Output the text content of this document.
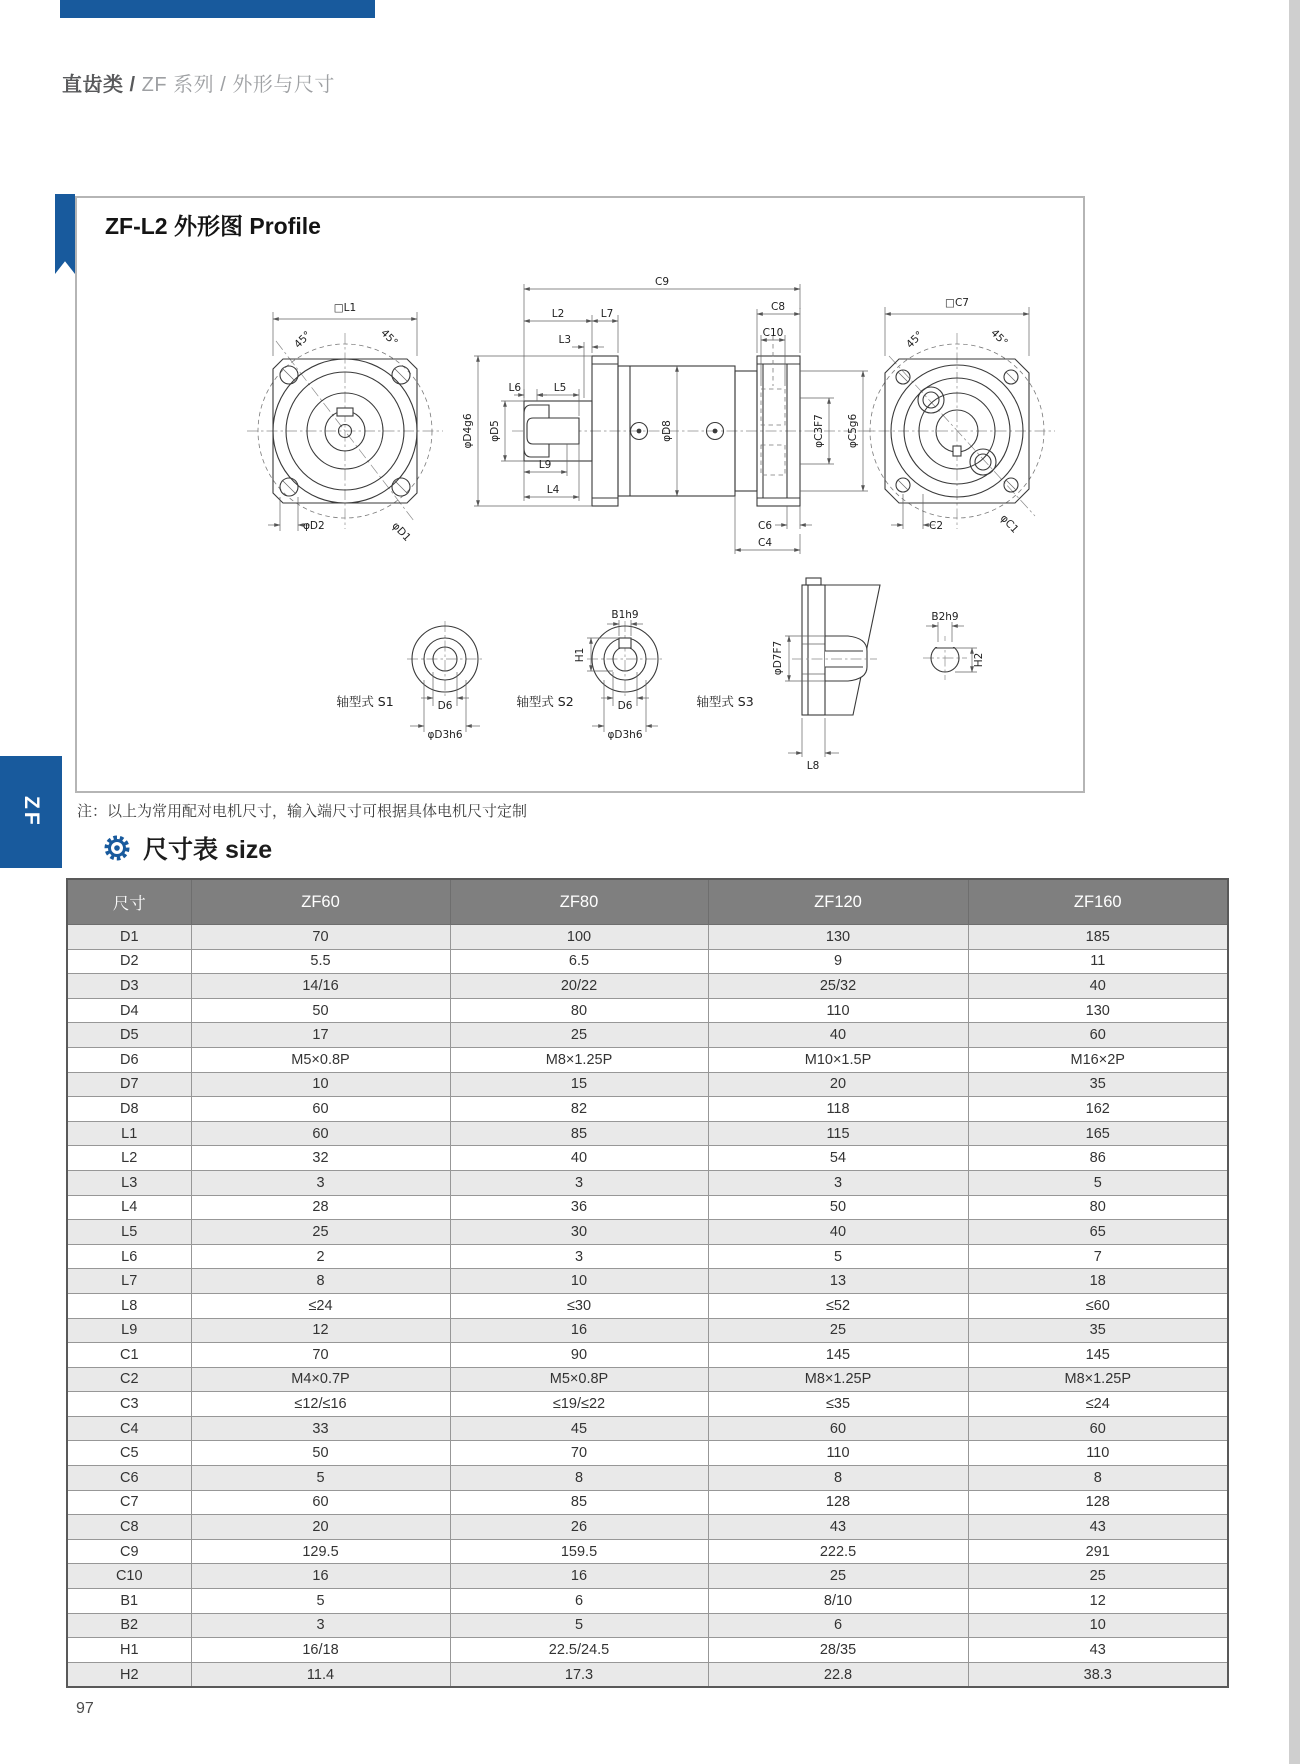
直齿类 / ZF 系列 / 外形与尺寸
ZF-L2 外形图 Profile
□L1
45°	45°
φD2	φD1
C9
L2	L7
L3
L6	L5
L9
L4
φD4g6 φD5	φD8
C8
C10
φC3F7 φC5g6
C6
C4
□C7
45°	45°
C2	φC1
D6
φD3h6
轴型式 S1
B1h9
H1
D6
φD3h6
轴型式 S2
φD7F7
L8
轴型式 S3
B2h9
H2
注：以上为常用配对电机尺寸，输入端尺寸可根据具体电机尺寸定制
ZF
尺寸表 size
尺寸	ZF60	ZF80	ZF120	ZF160
D1	70	100	130	185
D2	5.5	6.5	9	11
D3	14/16	20/22	25/32	40
D4	50	80	110	130
D5	17	25	40	60
D6	M5×0.8P	M8×1.25P	M10×1.5P	M16×2P
D7	10	15	20	35
D8	60	82	118	162
L1	60	85	115	165
L2	32	40	54	86
L3	3	3	3	5
L4	28	36	50	80
L5	25	30	40	65
L6	2	3	5	7
L7	8	10	13	18
L8	≤24	≤30	≤52	≤60
L9	12	16	25	35
C1	70	90	145	145
C2	M4×0.7P	M5×0.8P	M8×1.25P	M8×1.25P
C3	≤12/≤16	≤19/≤22	≤35	≤24
C4	33	45	60	60
C5	50	70	110	110
C6	5	8	8	8
C7	60	85	128	128
C8	20	26	43	43
C9	129.5	159.5	222.5	291
C10	16	16	25	25
B1	5	6	8/10	12
B2	3	5	6	10
H1	16/18	22.5/24.5	28/35	43
H2	11.4	17.3	22.8	38.3
97
